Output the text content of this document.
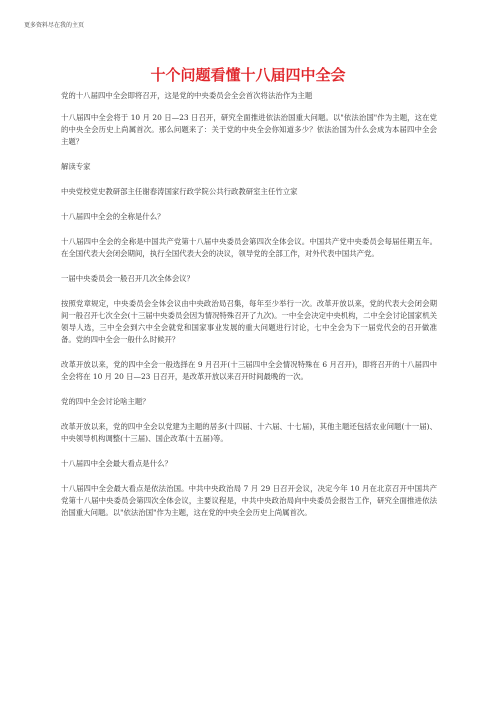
更多资料尽在我的主页
十个问题看懂十八届四中全会

党的十八届四中全会即将召开，这是党的中央委员会全会首次将法治作为主题

十八届四中全会将于 10 月 20 日—23 日召开，研究全面推进依法治国重大问题。以"依法治国"作为主题，这在党的中央全会历史上尚属首次。那么问题来了：关于党的中央全会你知道多少？依法治国为什么会成为本届四中全会主题？

解读专家

中央党校党史教研部主任谢春涛国家行政学院公共行政教研室主任竹立家

十八届四中全会的全称是什么？

十八届四中全会的全称是中国共产党第十八届中央委员会第四次全体会议。中国共产党中央委员会每届任期五年。在全国代表大会闭会期间，执行全国代表大会的决议，领导党的全部工作，对外代表中国共产党。

一届中央委员会一般召开几次全体会议？

按照党章规定，中央委员会全体会议由中央政治局召集，每年至少举行一次。改革开放以来，党的代表大会闭会期间一般召开七次全会(十三届中央委员会因为情况特殊召开了九次)。一中全会决定中央机构，二中全会讨论国家机关领导人选，三中全会到六中全会就党和国家事业发展的重大问题进行讨论，七中全会为下一届党代会的召开做准备。党的四中全会一般什么时候开？

改革开放以来，党的四中全会一般选择在 9 月召开(十三届四中全会情况特殊在 6 月召开)，即将召开的十八届四中全会将在 10 月 20 日—23 日召开，是改革开放以来召开时间最晚的一次。

党的四中全会讨论啥主题？

改革开放以来，党的四中全会以党建为主题的居多(十四届、十六届、十七届)，其他主题还包括农业问题(十一届)、中央领导机构调整(十三届)、国企改革(十五届)等。

十八届四中全会最大看点是什么？

十八届四中全会最大看点是依法治国。中共中央政治局 7 月 29 日召开会议，决定今年 10 月在北京召开中国共产党第十八届中央委员会第四次全体会议，主要议程是，中共中央政治局向中央委员会报告工作，研究全面推进依法治国重大问题。以"依法治国"作为主题，这在党的中央全会历史上尚属首次。
